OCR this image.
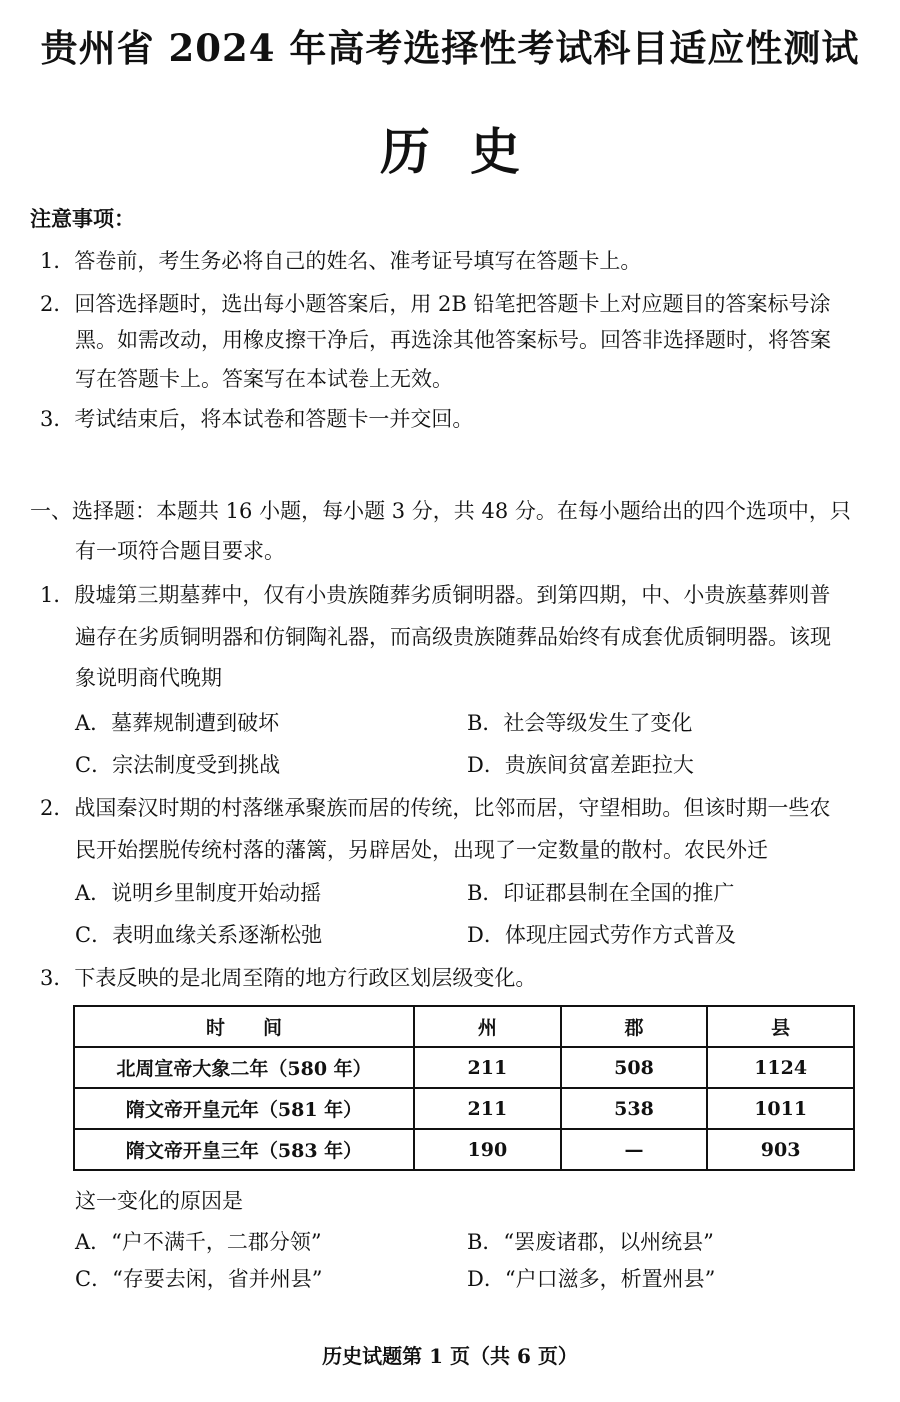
贵州省 2024 年高考选择性考试科目适应性测试
历史
注意事项：
1．答卷前，考生务必将自己的姓名、准考证号填写在答题卡上。
2．回答选择题时，选出每小题答案后，用 2B 铅笔把答题卡上对应题目的答案标号涂
黑。如需改动，用橡皮擦干净后，再选涂其他答案标号。回答非选择题时，将答案
写在答题卡上。答案写在本试卷上无效。
3．考试结束后，将本试卷和答题卡一并交回。
一、选择题：本题共 16 小题，每小题 3 分，共 48 分。在每小题给出的四个选项中，只
有一项符合题目要求。
1．殷墟第三期墓葬中，仅有小贵族随葬劣质铜明器。到第四期，中、小贵族墓葬则普
遍存在劣质铜明器和仿铜陶礼器，而高级贵族随葬品始终有成套优质铜明器。该现
象说明商代晚期
A．墓葬规制遭到破坏	B．社会等级发生了变化
C．宗法制度受到挑战	D．贵族间贫富差距拉大
2．战国秦汉时期的村落继承聚族而居的传统，比邻而居，守望相助。但该时期一些农
民开始摆脱传统村落的藩篱，另辟居处，出现了一定数量的散村。农民外迁
A．说明乡里制度开始动摇	B．印证郡县制在全国的推广
C．表明血缘关系逐渐松弛	D．体现庄园式劳作方式普及
3．下表反映的是北周至隋的地方行政区划层级变化。
时　　间	州	郡	县
北周宣帝大象二年（580 年）	211	508	1124
隋文帝开皇元年（581 年）	211	538	1011
隋文帝开皇三年（583 年）	190	—	903
这一变化的原因是
A．“户不满千，二郡分领”	B．“罢废诸郡，以州统县”
C．“存要去闲，省并州县”	D．“户口滋多，析置州县”
历史试题第 1 页（共 6 页）
